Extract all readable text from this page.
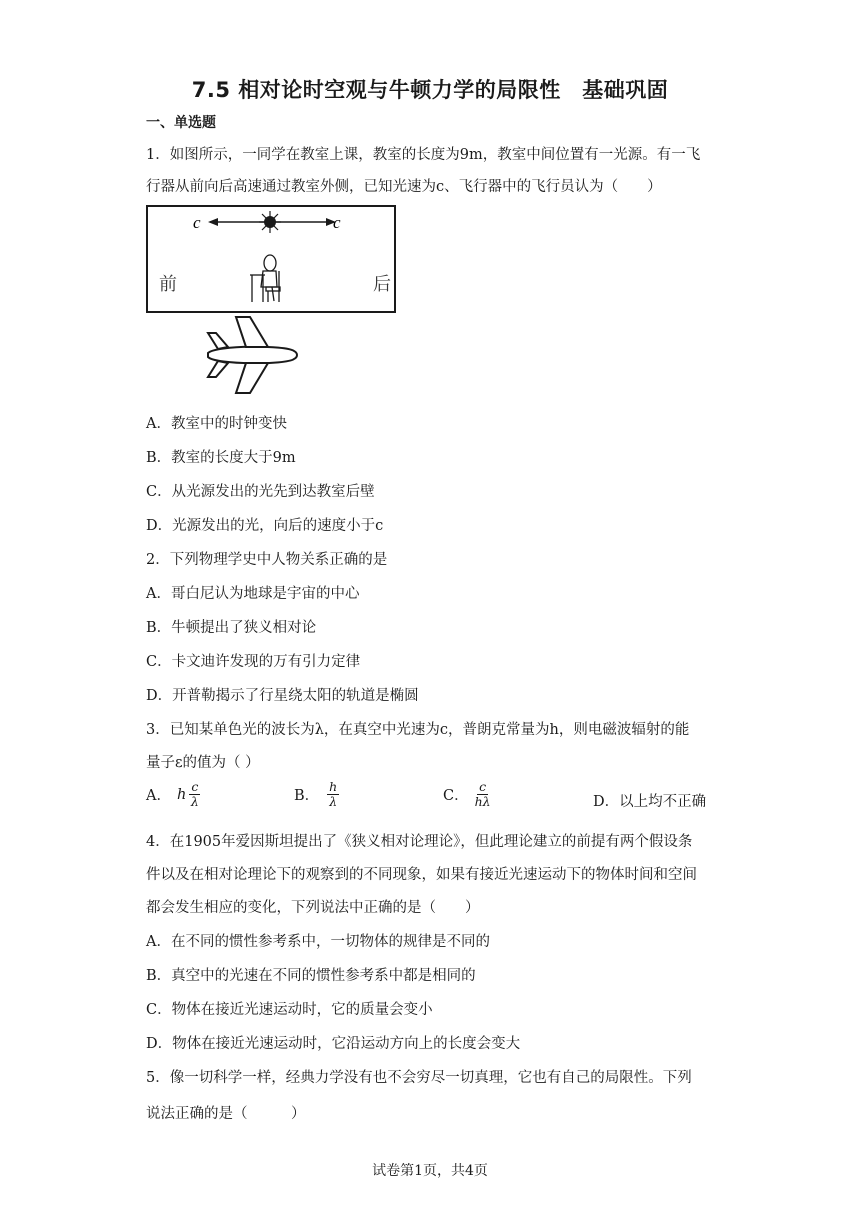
7.5 相对论时空观与牛顿力学的局限性　基础巩固
一、单选题
1．如图所示，一同学在教室上课，教室的长度为9m，教室中间位置有一光源。有一飞
行器从前向后高速通过教室外侧，已知光速为c、飞行器中的飞行员认为（　　）
c	c
前	后
A．教室中的时钟变快
B．教室的长度大于9m
C．从光源发出的光先到达教室后壁
D．光源发出的光，向后的速度小于c
2．下列物理学史中人物关系正确的是
A．哥白尼认为地球是宇宙的中心
B．牛顿提出了狭义相对论
C．卡文迪许发现的万有引力定律
D．开普勒揭示了行星绕太阳的轨道是椭圆
3．已知某单色光的波长为λ，在真空中光速为c，普朗克常量为h，则电磁波辐射的能
量子ε的值为（ ）
A． h $\frac{c}{\lambda}$	B． $\frac{h}{\lambda}$	C． $\frac{c}{h\lambda}$	D．以上均不正确
4．在1905年爱因斯坦提出了《狭义相对论理论》，但此理论建立的前提有两个假设条
件以及在相对论理论下的观察到的不同现象，如果有接近光速运动下的物体时间和空间
都会发生相应的变化，下列说法中正确的是（　　）
A．在不同的惯性参考系中，一切物体的规律是不同的
B．真空中的光速在不同的惯性参考系中都是相同的
C．物体在接近光速运动时，它的质量会变小
D．物体在接近光速运动时，它沿运动方向上的长度会变大
5．像一切科学一样，经典力学没有也不会穷尽一切真理，它也有自己的局限性。下列
说法正确的是（　　　）
试卷第1页，共4页
